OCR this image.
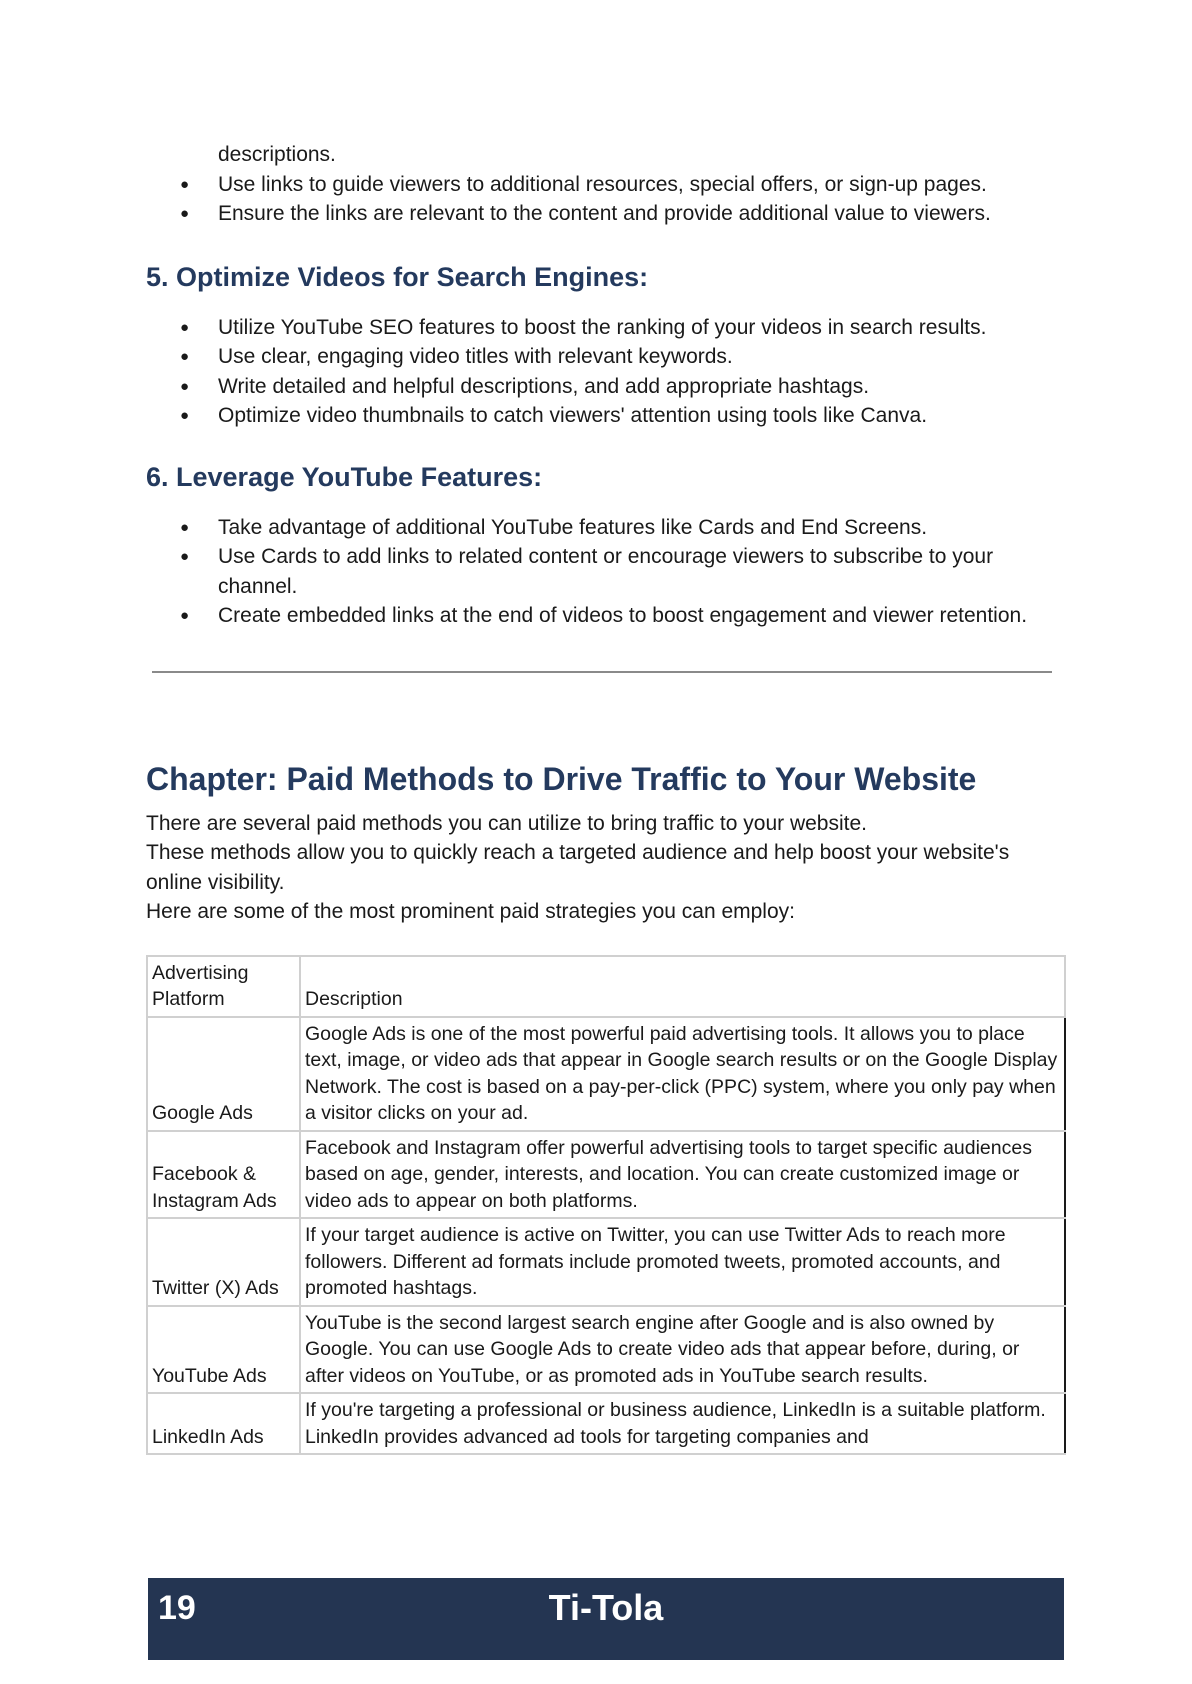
descriptions.
● Use links to guide viewers to additional resources, special offers, or sign-up pages.
● Ensure the links are relevant to the content and provide additional value to viewers.
5. Optimize Videos for Search Engines:
● Utilize YouTube SEO features to boost the ranking of your videos in search results.
● Use clear, engaging video titles with relevant keywords.
● Write detailed and helpful descriptions, and add appropriate hashtags.
● Optimize video thumbnails to catch viewers' attention using tools like Canva.
6. Leverage YouTube Features:
● Take advantage of additional YouTube features like Cards and End Screens.
● Use Cards to add links to related content or encourage viewers to subscribe to your channel.
● Create embedded links at the end of videos to boost engagement and viewer retention.
Chapter: Paid Methods to Drive Traffic to Your Website
There are several paid methods you can utilize to bring traffic to your website.
These methods allow you to quickly reach a targeted audience and help boost your website's online visibility.
Here are some of the most prominent paid strategies you can employ:
Advertising Platform	Description
Google Ads	Google Ads is one of the most powerful paid advertising tools. It allows you to place text, image, or video ads that appear in Google search results or on the Google Display Network. The cost is based on a pay-per-click (PPC) system, where you only pay when a visitor clicks on your ad.
Facebook & Instagram Ads	Facebook and Instagram offer powerful advertising tools to target specific audiences based on age, gender, interests, and location. You can create customized image or video ads to appear on both platforms.
Twitter (X) Ads	If your target audience is active on Twitter, you can use Twitter Ads to reach more followers. Different ad formats include promoted tweets, promoted accounts, and promoted hashtags.
YouTube Ads	YouTube is the second largest search engine after Google and is also owned by Google. You can use Google Ads to create video ads that appear before, during, or after videos on YouTube, or as promoted ads in YouTube search results.
LinkedIn Ads	If you're targeting a professional or business audience, LinkedIn is a suitable platform. LinkedIn provides advanced ad tools for targeting companies and
19	Ti-Tola
